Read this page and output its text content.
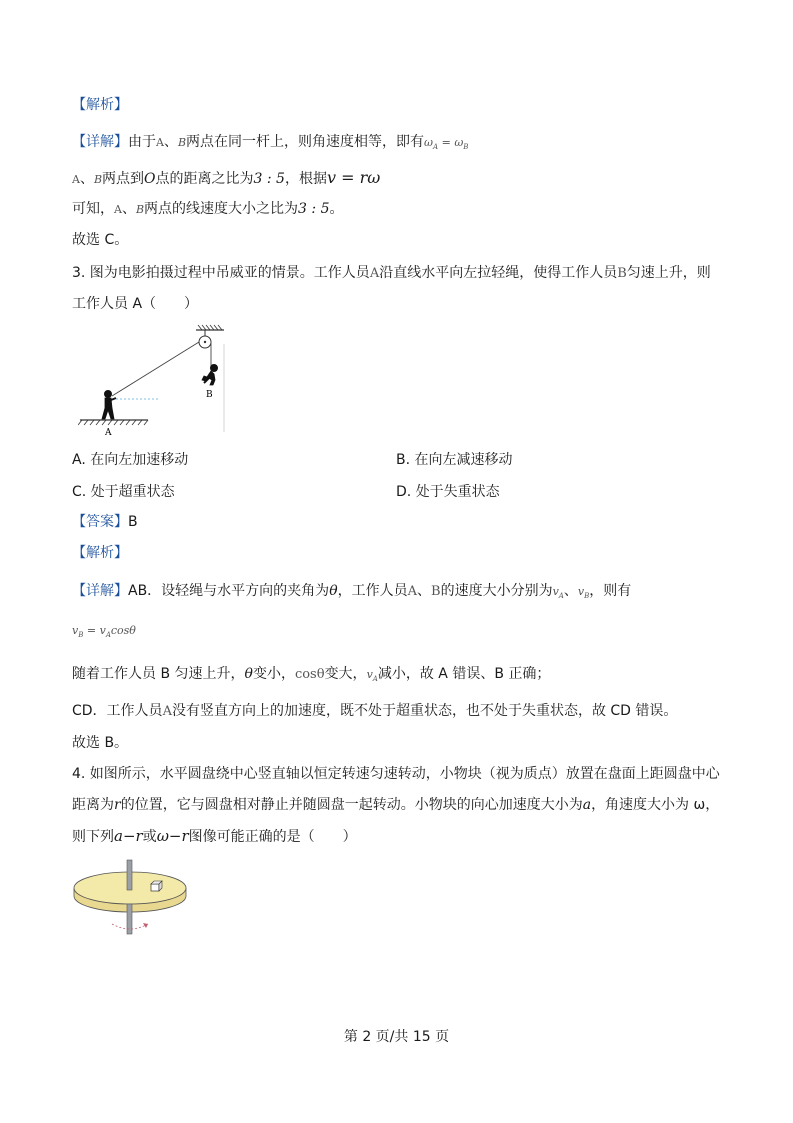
【解析】
【详解】由于A、B两点在同一杆上，则角速度相等，即有$\omega_A = \omega_B$
A、B两点到O点的距离之比为3 : 5，根据v = rω
可知，A、B两点的线速度大小之比为3 : 5。
故选 C。
3. 图为电影拍摄过程中吊威亚的情景。工作人员A沿直线水平向左拉轻绳，使得工作人员B匀速上升，则
工作人员 A（　　）
B
A
A. 在向左加速移动	B. 在向左减速移动
C. 处于超重状态	D. 处于失重状态
【答案】B
【解析】
【详解】AB．设轻绳与水平方向的夹角为θ，工作人员A、B的速度大小分别为$v_A$、$v_B$，则有
$v_B = v_A\cos\theta$
随着工作人员 B 匀速上升，θ变小，cosθ变大，$v_A$减小，故 A 错误、B 正确；
CD．工作人员A没有竖直方向上的加速度，既不处于超重状态，也不处于失重状态，故 CD 错误。
故选 B。
4. 如图所示，水平圆盘绕中心竖直轴以恒定转速匀速转动，小物块（视为质点）放置在盘面上距圆盘中心
距离为r的位置，它与圆盘相对静止并随圆盘一起转动。小物块的向心加速度大小为a，角速度大小为 ω，
则下列a−r或ω−r图像可能正确的是（　　）
第 2 页/共 15 页
